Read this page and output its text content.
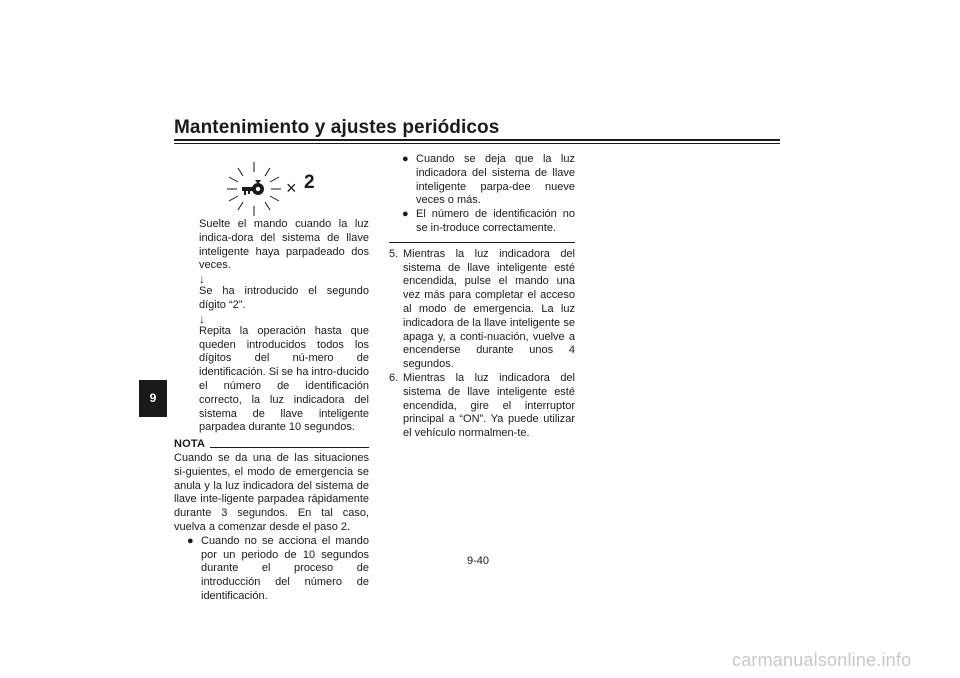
Mantenimiento y ajustes periódicos
9
× 2

Suelte el mando cuando la luz indica-dora del sistema de llave inteligente haya parpadeado dos veces.

↓

Se ha introducido el segundo dígito “2”.

↓

Repita la operación hasta que queden introducidos todos los dígitos del nú-mero de identificación. Si se ha intro-ducido el número de identificación correcto, la luz indicadora del sistema de llave inteligente parpadea durante 10 segundos.

NOTA

Cuando se da una de las situaciones si-guientes, el modo de emergencia se anula y la luz indicadora del sistema de llave inte-ligente parpadea rápidamente durante 3 segundos. En tal caso, vuelva a comenzar desde el paso 2.

● Cuando no se acciona el mando por un periodo de 10 segundos durante el proceso de introducción del número de identificación.
● Cuando se deja que la luz indicadora del sistema de llave inteligente parpa-dee nueve veces o más.
● El número de identificación no se in-troduce correctamente.
5. Mientras la luz indicadora del sistema de llave inteligente esté encendida, pulse el mando una vez más para completar el acceso al modo de emergencia. La luz indicadora de la llave inteligente se apaga y, a conti-nuación, vuelve a encenderse durante unos 4 segundos.
6. Mientras la luz indicadora del sistema de llave inteligente esté encendida, gire el interruptor principal a “ON”. Ya puede utilizar el vehículo normalmen-te.
9-40
carmanualsonline.info
